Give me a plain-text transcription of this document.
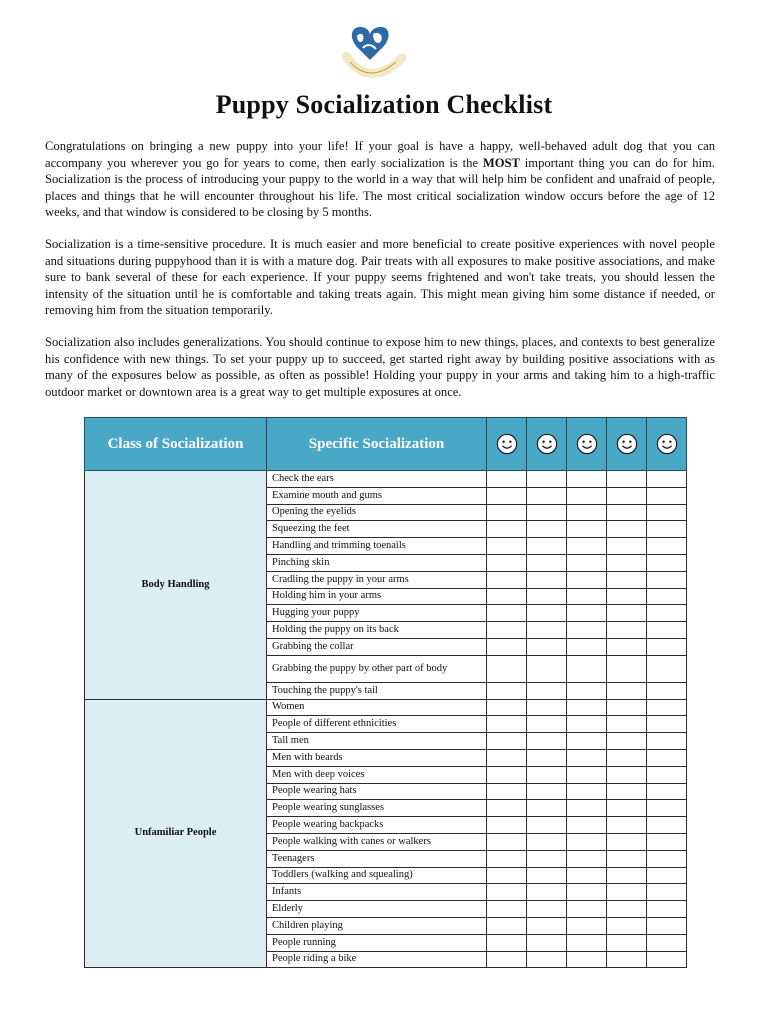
Puppy Socialization Checklist

Congratulations on bringing a new puppy into your life! If your goal is have a happy, well-behaved adult dog that you can accompany you wherever you go for years to come, then early socialization is the MOST important thing you can do for him. Socialization is the process of introducing your puppy to the world in a way that will help him be confident and unafraid of people, places and things that he will encounter throughout his life. The most critical socialization window occurs before the age of 12 weeks, and that window is considered to be closing by 5 months.

Socialization is a time-sensitive procedure. It is much easier and more beneficial to create positive experiences with novel people and situations during puppyhood than it is with a mature dog. Pair treats with all exposures to make positive associations, and make sure to bank several of these for each experience. If your puppy seems frightened and won't take treats, you should lessen the intensity of the situation until he is comfortable and taking treats again. This might mean giving him some distance if needed, or removing him from the situation temporarily.

Socialization also includes generalizations. You should continue to expose him to new things, places, and contexts to best generalize his confidence with new things. To set your puppy up to succeed, get started right away by building positive associations with as many of the exposures below as possible, as often as possible! Holding your puppy in your arms and taking him to a high-traffic outdoor market or downtown area is a great way to get multiple exposures at once.

Class of Socialization	Specific Socialization					
Body Handling	Check the ears					
	Examine mouth and gums					
	Opening the eyelids					
	Squeezing the feet					
	Handling and trimming toenails					
	Pinching skin					
	Cradling the puppy in your arms					
	Holding him in your arms					
	Hugging your puppy					
	Holding the puppy on its back					
	Grabbing the collar					
	Grabbing the puppy by other part of body					
	Touching the puppy's tail					
Unfamiliar People	Women					
	People of different ethnicities					
	Tall men					
	Men with beards					
	Men with deep voices					
	People wearing hats					
	People wearing sunglasses					
	People wearing backpacks					
	People walking with canes or walkers					
	Teenagers					
	Toddlers (walking and squealing)					
	Infants					
	Elderly					
	Children playing					
	People running					
	People riding a bike					
